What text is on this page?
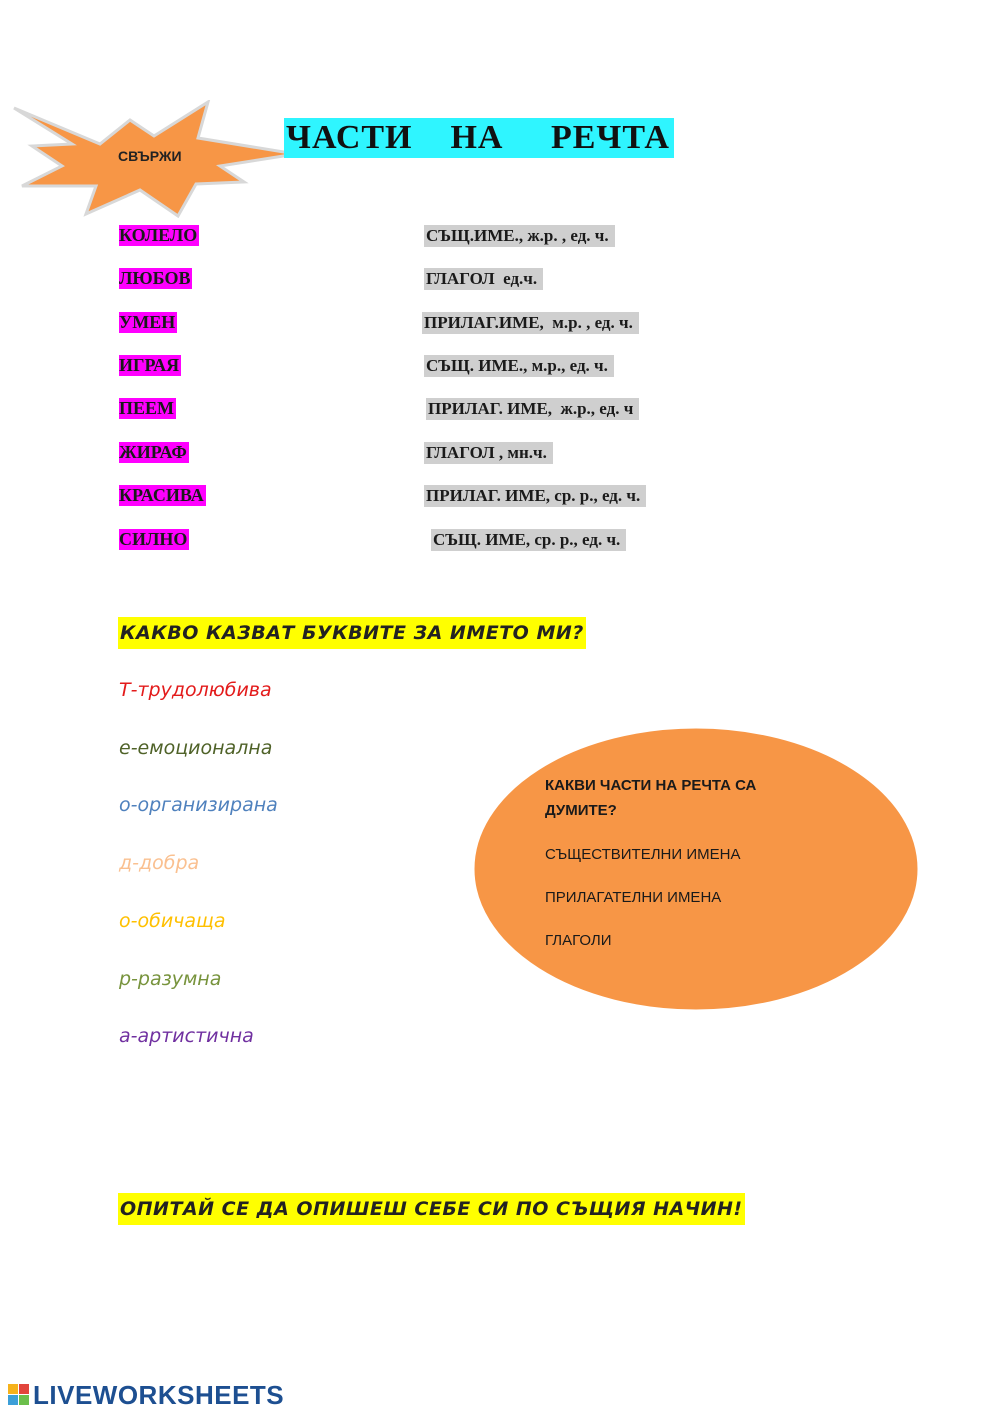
СВЪРЖИ	ЧАСТИ    НА     РЕЧТА
КОЛЕЛО
ЛЮБОВ
УМЕН
ИГРАЯ
ПЕЕМ
ЖИРАФ
КРАСИВА
СИЛНО
СЪЩ.ИМЕ., ж.р. , ед. ч.
ГЛАГОЛ  ед.ч.
ПРИЛАГ.ИМЕ,  м.р. , ед. ч.
СЪЩ. ИМЕ., м.р., ед. ч.
ПРИЛАГ. ИМЕ,  ж.р., ед. ч
ГЛАГОЛ , мн.ч.
ПРИЛАГ. ИМЕ, ср. р., ед. ч.
СЪЩ. ИМЕ, ср. р., ед. ч.
КАКВО КАЗВАТ БУКВИТЕ ЗА ИМЕТО МИ?
Т-трудолюбива
е-емоционална
о-организирана
д-добра
о-обичаща
р-разумна
а-артистична
КАКВИ ЧАСТИ НА РЕЧТА СА
ДУМИТЕ?
СЪЩЕСТВИТЕЛНИ ИМЕНА
ПРИЛАГАТЕЛНИ ИМЕНА
ГЛАГОЛИ
ОПИТАЙ СЕ ДА ОПИШЕШ СЕБЕ СИ ПО СЪЩИЯ НАЧИН!
LIVEWORKSHEETS
